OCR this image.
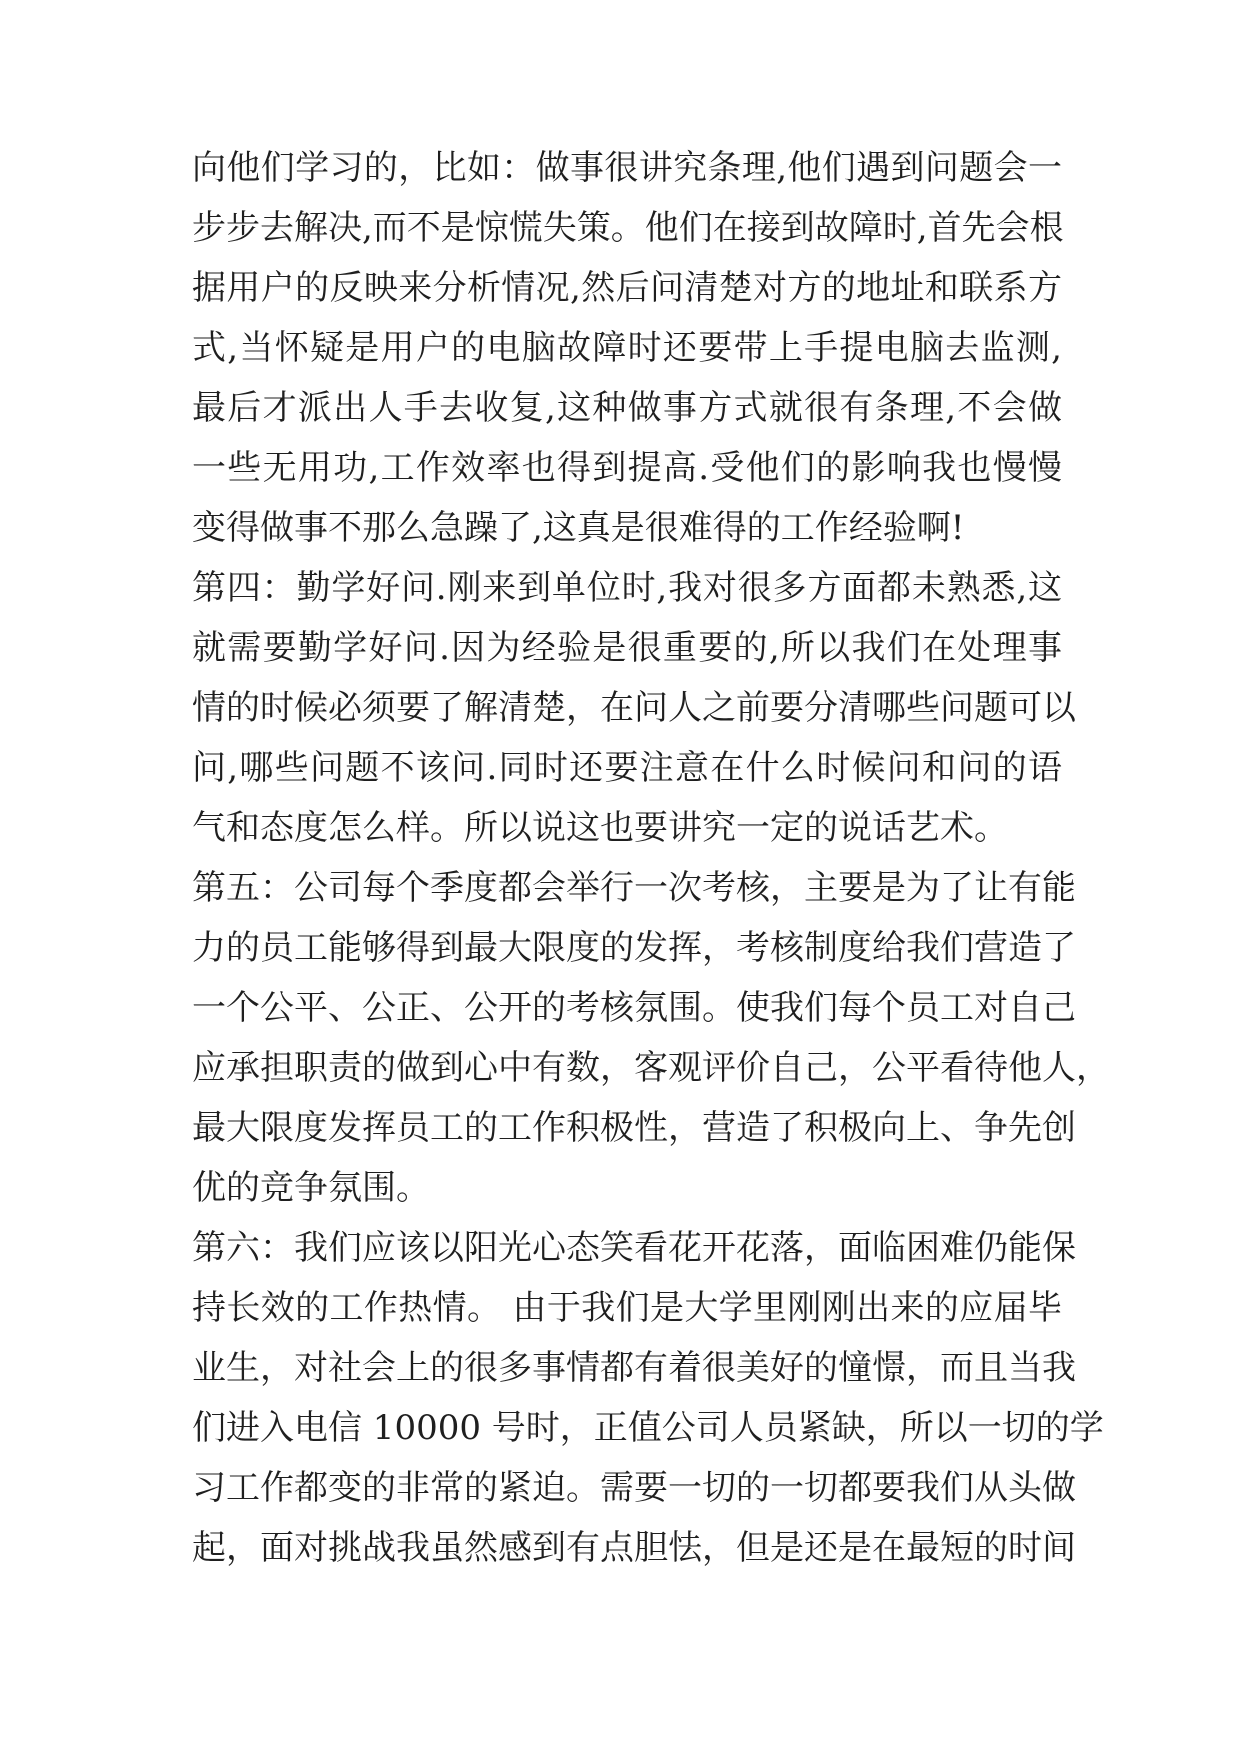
向他们学习的，比如：做事很讲究条理,他们遇到问题会一
步步去解决,而不是惊慌失策。他们在接到故障时,首先会根
据用户的反映来分析情况,然后问清楚对方的地址和联系方
式,当怀疑是用户的电脑故障时还要带上手提电脑去监测,
最后才派出人手去收复,这种做事方式就很有条理,不会做
一些无用功,工作效率也得到提高.受他们的影响我也慢慢
变得做事不那么急躁了,这真是很难得的工作经验啊!
第四：勤学好问.刚来到单位时,我对很多方面都未熟悉,这
就需要勤学好问.因为经验是很重要的,所以我们在处理事
情的时候必须要了解清楚，在问人之前要分清哪些问题可以
问,哪些问题不该问.同时还要注意在什么时候问和问的语
气和态度怎么样。所以说这也要讲究一定的说话艺术。
第五：公司每个季度都会举行一次考核，主要是为了让有能
力的员工能够得到最大限度的发挥，考核制度给我们营造了
一个公平、公正、公开的考核氛围。使我们每个员工对自己
应承担职责的做到心中有数，客观评价自己，公平看待他人，
最大限度发挥员工的工作积极性，营造了积极向上、争先创
优的竞争氛围。
第六：我们应该以阳光心态笑看花开花落，面临困难仍能保
持长效的工作热情。 由于我们是大学里刚刚出来的应届毕
业生，对社会上的很多事情都有着很美好的憧憬，而且当我
们进入电信 10000 号时，正值公司人员紧缺，所以一切的学
习工作都变的非常的紧迫。需要一切的一切都要我们从头做
起，面对挑战我虽然感到有点胆怯，但是还是在最短的时间
